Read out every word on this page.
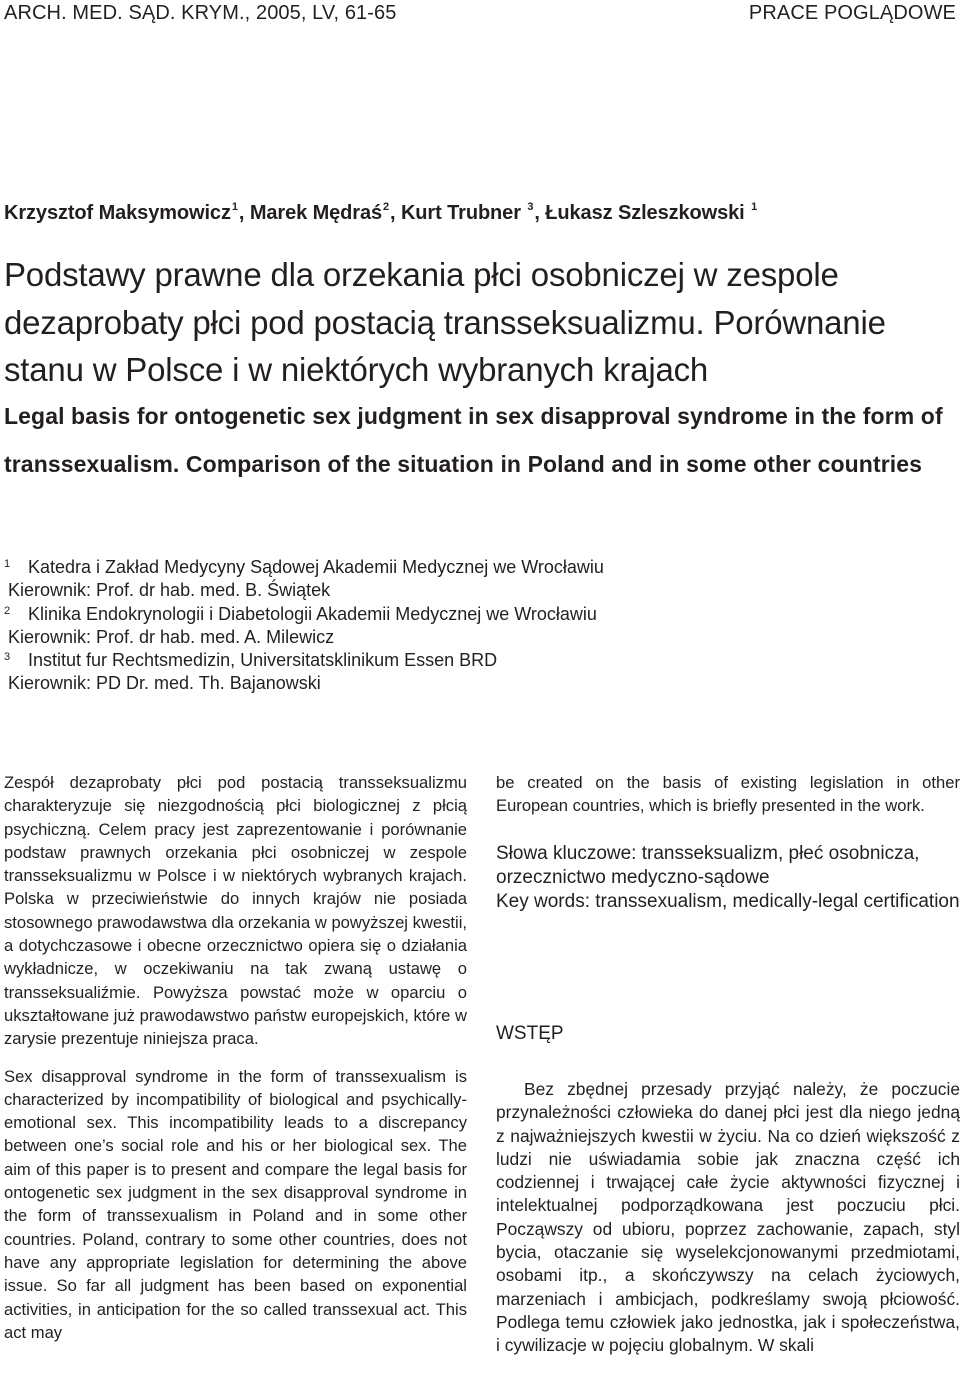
ARCH. MED. SĄD. KRYM., 2005, LV, 61-65	PRACE POGLĄDOWE
Krzysztof Maksymowicz$^1$, Marek Mędraś$^2$, Kurt Trubner $^3$, Łukasz Szleszkowski $^1$
Podstawy prawne dla orzekania płci osobniczej w zespole dezaprobaty płci pod postacią transseksualizmu. Porównanie stanu w Polsce i w niektórych wybranych krajach
Legal basis for ontogenetic sex judgment in sex disapproval syndrome in the form of transsexualism. Comparison of the situation in Poland and in some other countries
1 Katedra i Zakład Medycyny Sądowej Akademii Medycznej we Wrocławiu
Kierownik: Prof. dr hab. med. B. Świątek
2 Klinika Endokrynologii i Diabetologii Akademii Medycznej we Wrocławiu
Kierownik: Prof. dr hab. med. A. Milewicz
3 Institut fur Rechtsmedizin, Universitatsklinikum Essen BRD
Kierownik: PD Dr. med. Th. Bajanowski

Zespół dezaprobaty płci pod postacią transseksualizmu charakteryzuje się niezgodnością płci biologicznej z płcią psychiczną. Celem pracy jest zaprezentowanie i porównanie podstaw prawnych orzekania płci osobniczej w zespole transseksualizmu w Polsce i w niektórych wybranych krajach. Polska w przeciwieństwie do innych krajów nie posiada stosownego prawodawstwa dla orzekania w powyższej kwestii, a dotychczasowe i obecne orzecznictwo opiera się o działania wykładnicze, w oczekiwaniu na tak zwaną ustawę o transseksualiźmie. Powyższa powstać może w oparciu o ukształtowane już prawodawstwo państw europejskich, które w zarysie prezentuje niniejsza praca.

Sex disapproval syndrome in the form of transsexualism is characterized by incompatibility of biological and psychically-emotional sex. This incompatibility leads to a discrepancy between one’s social role and his or her biological sex. The aim of this paper is to present and compare the legal basis for ontogenetic sex judgment in the sex disapproval syndrome in the form of transsexualism in Poland and in some other countries. Poland, contrary to some other countries, does not have any appropriate legislation for determining the above issue. So far all judgment has been based on exponential activities, in anticipation for the so called transsexual act. This act may

be created on the basis of existing legislation in other European countries, which is briefly presented in the work.

Słowa kluczowe: transseksualizm, płeć osobnicza, orzecznictwo medyczno-sądowe
Key words: transsexualism, medically-legal certification
WSTĘP

Bez zbędnej przesady przyjąć należy, że poczucie przynależności człowieka do danej płci jest dla niego jedną z najważniejszych kwestii w życiu. Na co dzień większość z ludzi nie uświadamia sobie jak znaczna część ich codziennej i trwającej całe życie aktywności fizycznej i intelektualnej podporządkowana jest poczuciu płci. Począwszy od ubioru, poprzez zachowanie, zapach, styl bycia, otaczanie się wyselekcjonowanymi przedmiotami, osobami itp., a skończywszy na celach życiowych, marzeniach i ambicjach, podkreślamy swoją płciowość. Podlega temu człowiek jako jednostka, jak i społeczeństwa, i cywilizacje w pojęciu globalnym. W skali
